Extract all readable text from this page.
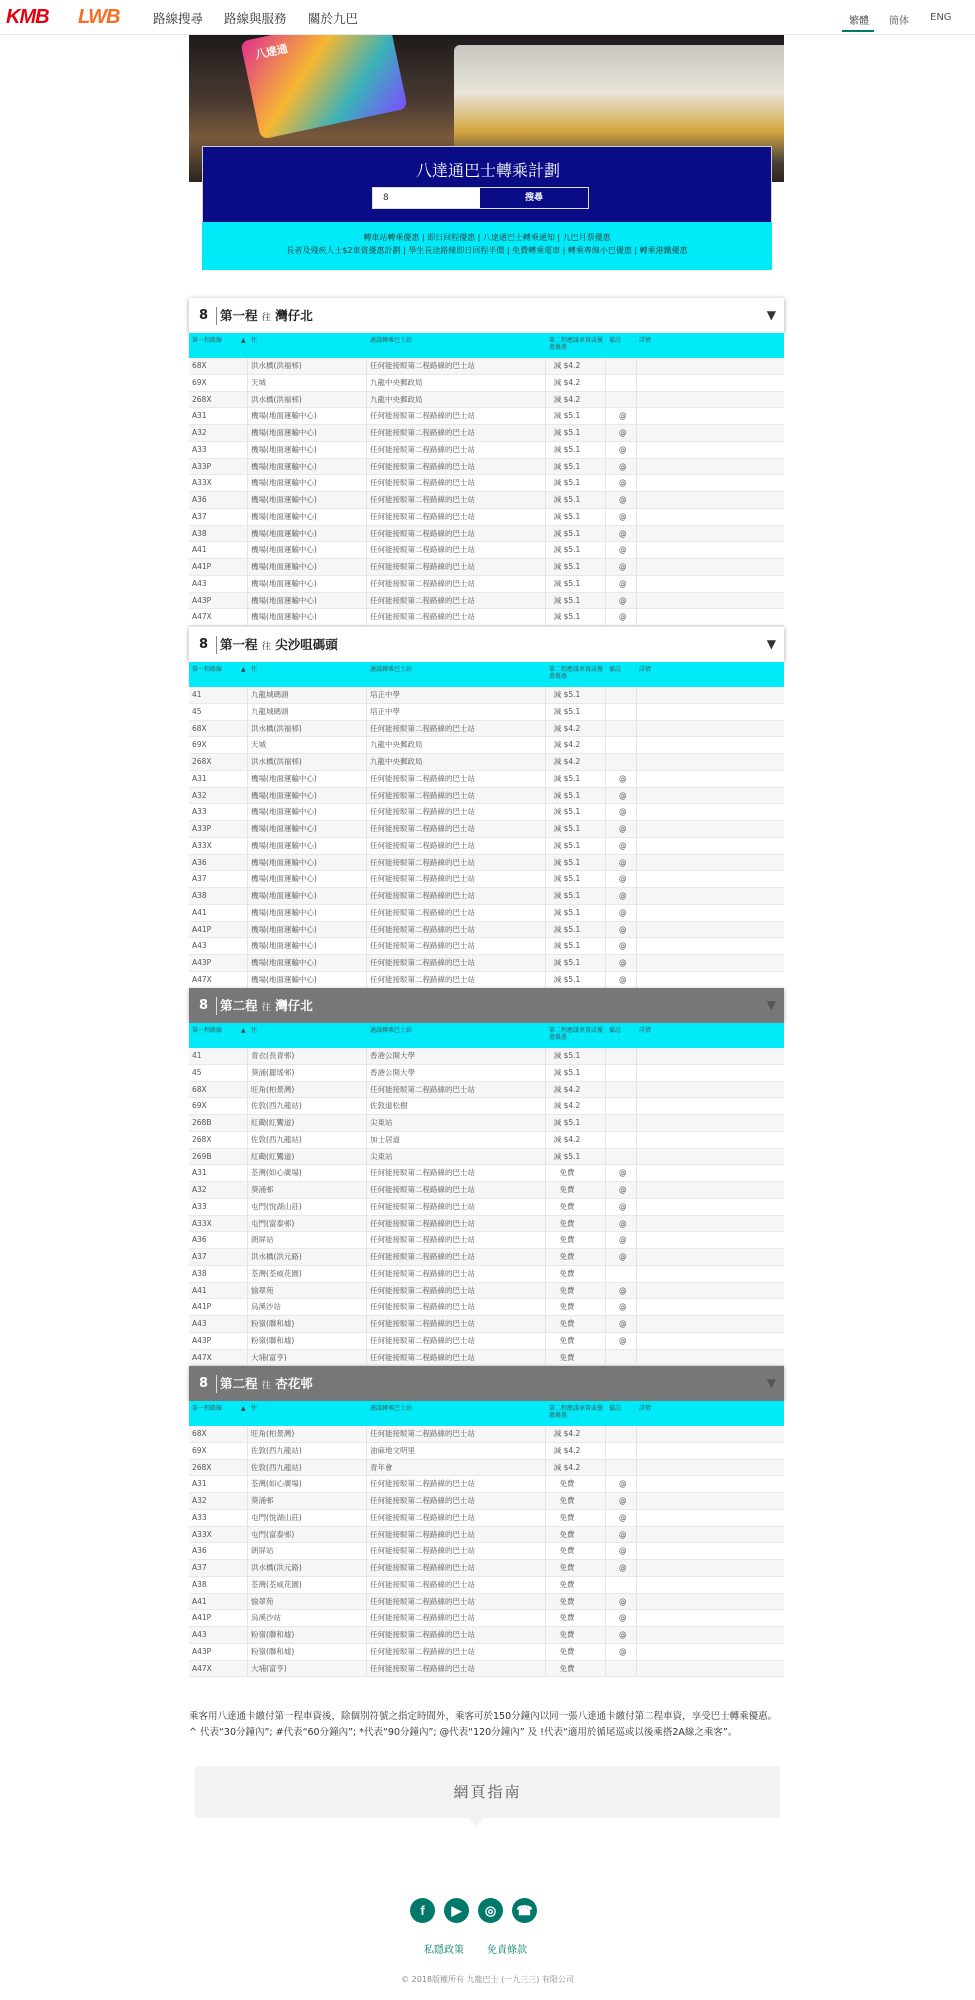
KMB LWB	路線搜尋 路線與服務 關於九巴	繁體 簡体 ENG
八達通
八達通巴士轉乘計劃
8
搜尋
轉車站轉乘優惠 | 即日回程優惠 | 八達通巴士轉乘通知 | 九巴月票優惠
長者及殘疾人士$2車資優惠計劃 | 學生長途路線即日回程半價 | 免費轉乘電車 | 轉乘專線小巴優惠 | 轉乘港鐵優惠
8 第一程 往 灣仔北	▼
第一程路線	▲ 往	適議轉乘巴士站	第二程應議車資或優惠優惠
備註	詳情
68X	洪水橋(洪福邨)	任何能接駁第二程路線的巴士站	減 $4.2
69X	天城	九龍中央郵政局	減 $4.2
268X	洪水橋(洪福邨)	九龍中央郵政局	減 $4.2
A31	機場(地面運輸中心)	任何能接駁第二程路線的巴士站	減 $5.1	@
A32	機場(地面運輸中心)	任何能接駁第二程路線的巴士站	減 $5.1	@
A33	機場(地面運輸中心)	任何能接駁第二程路線的巴士站	減 $5.1	@
A33P	機場(地面運輸中心)	任何能接駁第二程路線的巴士站	減 $5.1	@
A33X	機場(地面運輸中心)	任何能接駁第二程路線的巴士站	減 $5.1	@
A36	機場(地面運輸中心)	任何能接駁第二程路線的巴士站	減 $5.1	@
A37	機場(地面運輸中心)	任何能接駁第二程路線的巴士站	減 $5.1	@
A38	機場(地面運輸中心)	任何能接駁第二程路線的巴士站	減 $5.1	@
A41	機場(地面運輸中心)	任何能接駁第二程路線的巴士站	減 $5.1	@
A41P	機場(地面運輸中心)	任何能接駁第二程路線的巴士站	減 $5.1	@
A43	機場(地面運輸中心)	任何能接駁第二程路線的巴士站	減 $5.1	@
A43P	機場(地面運輸中心)	任何能接駁第二程路線的巴士站	減 $5.1	@
A47X	機場(地面運輸中心)	任何能接駁第二程路線的巴士站	減 $5.1	@
8 第一程 往 尖沙咀碼頭	▼
第一程路線	▲ 往	適議轉乘巴士站	第二程應議車資或優惠優惠
備註	詳情
41	九龍城碼頭	培正中學	減 $5.1
45	九龍城碼頭	培正中學	減 $5.1
68X	洪水橋(洪福邨)	任何能接駁第二程路線的巴士站	減 $4.2
69X	天城	九龍中央郵政局	減 $4.2
268X	洪水橋(洪福邨)	九龍中央郵政局	減 $4.2
A31	機場(地面運輸中心)	任何能接駁第二程路線的巴士站	減 $5.1	@
A32	機場(地面運輸中心)	任何能接駁第二程路線的巴士站	減 $5.1	@
A33	機場(地面運輸中心)	任何能接駁第二程路線的巴士站	減 $5.1	@
A33P	機場(地面運輸中心)	任何能接駁第二程路線的巴士站	減 $5.1	@
A33X	機場(地面運輸中心)	任何能接駁第二程路線的巴士站	減 $5.1	@
A36	機場(地面運輸中心)	任何能接駁第二程路線的巴士站	減 $5.1	@
A37	機場(地面運輸中心)	任何能接駁第二程路線的巴士站	減 $5.1	@
A38	機場(地面運輸中心)	任何能接駁第二程路線的巴士站	減 $5.1	@
A41	機場(地面運輸中心)	任何能接駁第二程路線的巴士站	減 $5.1	@
A41P	機場(地面運輸中心)	任何能接駁第二程路線的巴士站	減 $5.1	@
A43	機場(地面運輸中心)	任何能接駁第二程路線的巴士站	減 $5.1	@
A43P	機場(地面運輸中心)	任何能接駁第二程路線的巴士站	減 $5.1	@
A47X	機場(地面運輸中心)	任何能接駁第二程路線的巴士站	減 $5.1	@
8 第二程 往 灣仔北	▼
第一程路線	▲ 往	適議轉乘巴士站	第二程應議車資或優惠優惠
備註	詳情
41	青衣(長青邨)	香港公開大學	減 $5.1
45	葵涌(麗瑤邨)	香港公開大學	減 $5.1
68X	旺角(柏景灣)	任何能接駁第二程路線的巴士站	減 $4.2
69X	佐敦(西九龍站)	佐敦道松樹	減 $4.2
268B	紅磡(紅鸞道)	尖東站	減 $5.1
268X	佐敦(西九龍站)	加士居道	減 $4.2
269B	紅磡(紅鸞道)	尖東站	減 $5.1
A31	荃灣(如心廣場)	任何能接駁第二程路線的巴士站	免費	@
A32	葵涌邨	任何能接駁第二程路線的巴士站	免費	@
A33	屯門(悅湖山莊)	任何能接駁第二程路線的巴士站	免費	@
A33X	屯門(富泰邨)	任何能接駁第二程路線的巴士站	免費	@
A36	朗屏站	任何能接駁第二程路線的巴士站	免費	@
A37	洪水橋(洪元路)	任何能接駁第二程路線的巴士站	免費	@
A38	荃灣(荃威花園)	任何能接駁第二程路線的巴士站	免費
A41	愉翠苑	任何能接駁第二程路線的巴士站	免費	@
A41P	烏溪沙站	任何能接駁第二程路線的巴士站	免費	@
A43	粉嶺(聯和墟)	任何能接駁第二程路線的巴士站	免費	@
A43P	粉嶺(聯和墟)	任何能接駁第二程路線的巴士站	免費	@
A47X	大埔(富亨)	任何能接駁第二程路線的巴士站	免費
8 第二程 往 杏花邨	▼
第一程路線	▲ 往	適議轉乘巴士站	第二程應議車資或優惠優惠
備註	詳情
68X	旺角(柏景灣)	任何能接駁第二程路線的巴士站	減 $4.2
69X	佐敦(西九龍站)	油麻地文明里	減 $4.2
268X	佐敦(西九龍站)	青年會	減 $4.2
A31	荃灣(如心廣場)	任何能接駁第二程路線的巴士站	免費	@
A32	葵涌邨	任何能接駁第二程路線的巴士站	免費	@
A33	屯門(悅湖山莊)	任何能接駁第二程路線的巴士站	免費	@
A33X	屯門(富泰邨)	任何能接駁第二程路線的巴士站	免費	@
A36	朗屏站	任何能接駁第二程路線的巴士站	免費	@
A37	洪水橋(洪元路)	任何能接駁第二程路線的巴士站	免費	@
A38	荃灣(荃威花園)	任何能接駁第二程路線的巴士站	免費
A41	愉翠苑	任何能接駁第二程路線的巴士站	免費	@
A41P	烏溪沙站	任何能接駁第二程路線的巴士站	免費	@
A43	粉嶺(聯和墟)	任何能接駁第二程路線的巴士站	免費	@
A43P	粉嶺(聯和墟)	任何能接駁第二程路線的巴士站	免費	@
A47X	大埔(富亨)	任何能接駁第二程路線的巴士站	免費
乘客用八達通卡繳付第一程車資後，除個別符號之指定時間外，乘客可於150分鐘內以同一張八達通卡繳付第二程車資，享受巴士轉乘優惠。^ 代表“30分鐘內”; #代表“60分鐘內”; *代表“90分鐘內”; @代表“120分鐘內” 及 !代表“適用於循尾巡或以後乘搭2A線之乘客”。
網頁指南
f	▶	◎	☎
私隱政策 免責條款
© 2018版權所有 九龍巴士 (一九三三) 有限公司
